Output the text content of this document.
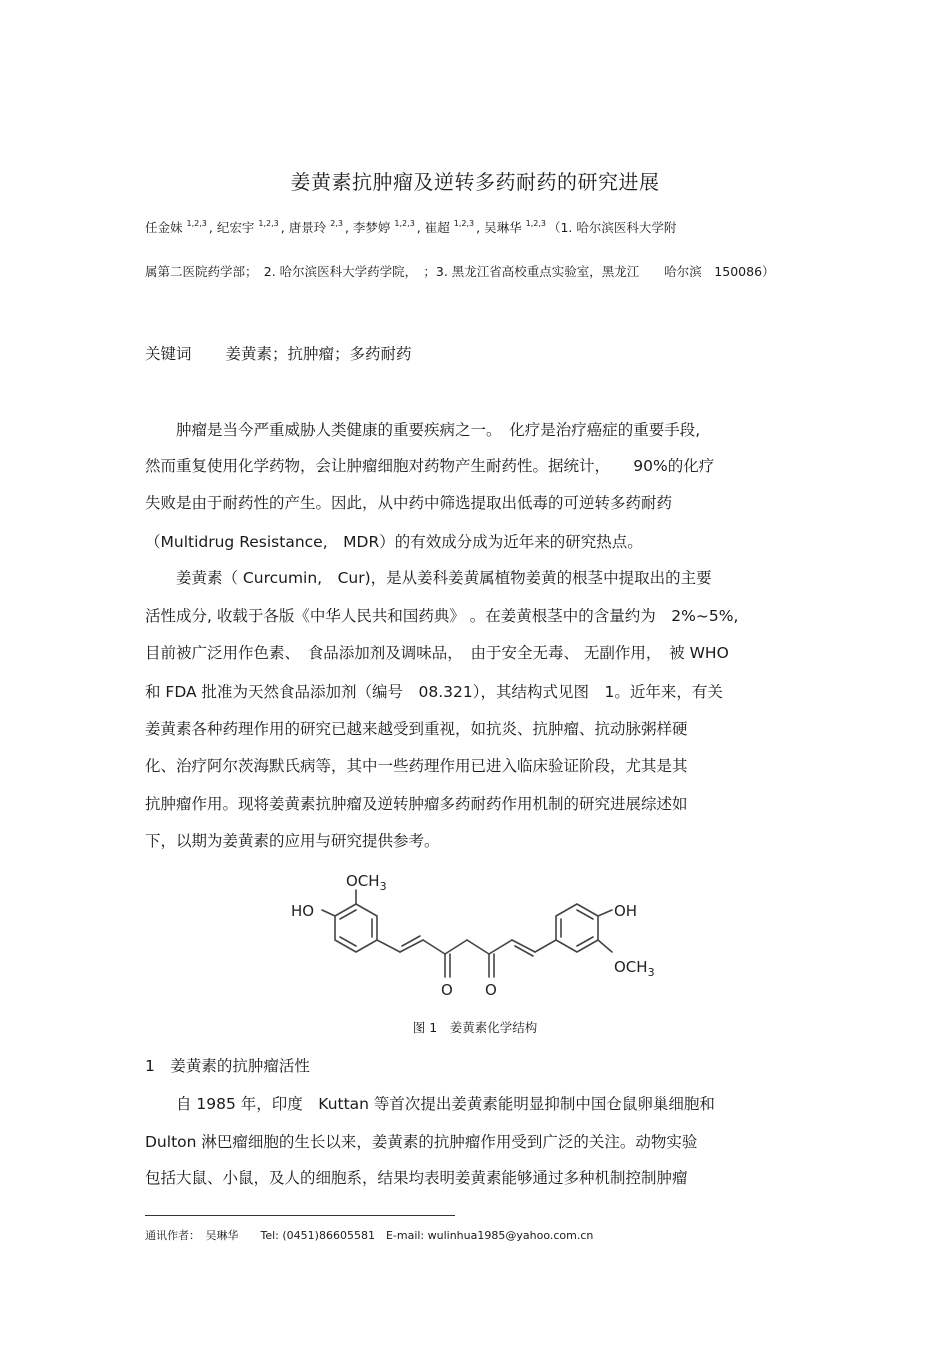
姜黄素抗肿瘤及逆转多药耐药的研究进展
任金妹 $^{1,2,3}$ , 纪宏宇 $^{1,2,3}$ , 唐景玲 $^{2,3}$ , 李梦婷 $^{1,2,3}$ , 崔超 $^{1,2,3}$ , 吴琳华 $^{1,2,3}$ （1. 哈尔滨医科大学附
属第二医院药学部；　2. 哈尔滨医科大学药学院，　；3. 黑龙江省高校重点实验室，黑龙江　　哈尔滨　150086）
关键词 姜黄素；抗肿瘤；多药耐药
　　肿瘤是当今严重威胁人类健康的重要疾病之一。　化疗是治疗癌症的重要手段,
然而重复使用化学药物，会让肿瘤细胞对药物产生耐药性。据统计，　　90%的化疗
失败是由于耐药性的产生。因此，从中药中筛选提取出低毒的可逆转多药耐药
（Multidrug Resistance,　MDR）的有效成分成为近年来的研究热点。
　　姜黄素（ Curcumin,　Cur)，是从姜科姜黄属植物姜黄的根茎中提取出的主要
活性成分, 收载于各版《中华人民共和国药典》 。在姜黄根茎中的含量约为　2%~5%,
目前被广泛用作色素、　食品添加剂及调味品，　由于安全无毒、 无副作用，　被 WHO
和 FDA 批准为天然食品添加剂（编号　08.321），其结构式见图　1。近年来，有关
姜黄素各种药理作用的研究已越来越受到重视，如抗炎、抗肿瘤、抗动脉粥样硬
化、治疗阿尔茨海默氏病等，其中一些药理作用已进入临床验证阶段，尤其是其
抗肿瘤作用。现将姜黄素抗肿瘤及逆转肿瘤多药耐药作用机制的研究进展综述如
下，以期为姜黄素的应用与研究提供参考。
$OCH_3$
HO	OH
$OCH_3$
O O
图 1　姜黄素化学结构
1　姜黄素的抗肿瘤活性
　　自 1985 年，印度　Kuttan 等首次提出姜黄素能明显抑制中国仓鼠卵巢细胞和
Dulton 淋巴瘤细胞的生长以来，姜黄素的抗肿瘤作用受到广泛的关注。动物实验
包括大鼠、小鼠，及人的细胞系，结果均表明姜黄素能够通过多种机制控制肿瘤
通讯作者：　吴琳华　　Tel: (0451)86605581　E-mail: wulinhua1985@yahoo.com.cn
